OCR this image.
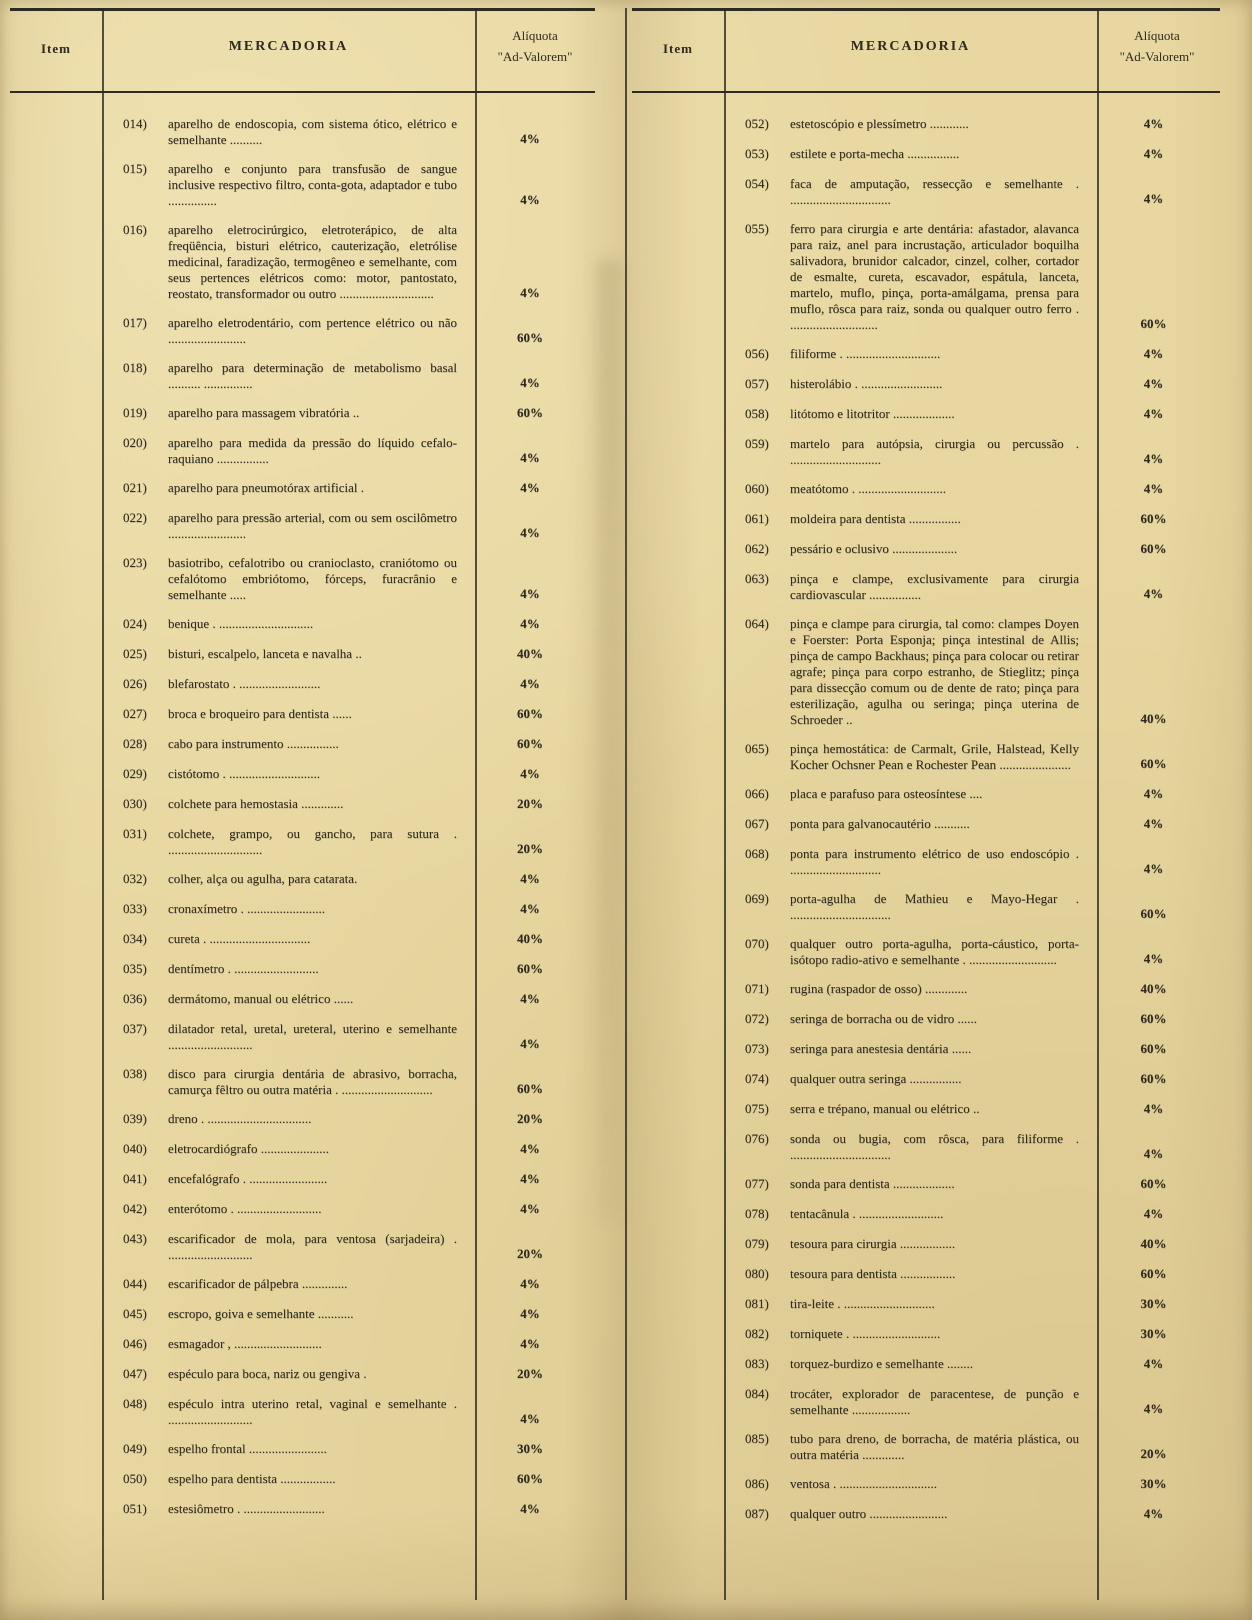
Item	MERCADORIA
Alíquota
"Ad-Valorem"
014)	aparelho de endoscopia, com sistema ótico, elétrico e semelhante ..........	4%
015)	aparelho e conjunto para transfusão de sangue inclusive respectivo filtro, conta-gota, adaptador e tubo ...............	4%
016)	aparelho eletrocirúrgico, eletroterápico, de alta freqüência, bisturi elétrico, cauterização, eletrólise medicinal, faradização, termogêneo e semelhante, com seus pertences elétricos como: motor, pantostato, reostato, transformador ou outro .............................	4%
017)	aparelho eletrodentário, com pertence elétrico ou não ........................	60%
018)	aparelho para determinação de metabolismo basal .......... ...............	4%
019)	aparelho para massagem vibratória ..	60%
020)	aparelho para medida da pressão do líquido cefalo-raquiano ................	4%
021)	aparelho para pneumotórax artificial .	4%
022)	aparelho para pressão arterial, com ou sem oscilômetro ........................	4%
023)	basiotribo, cefalotribo ou cranioclasto, craniótomo ou cefalótomo embriótomo, fórceps, furacrânio e semelhante .....	4%
024)	benique . .............................	4%
025)	bisturi, escalpelo, lanceta e navalha ..	40%
026)	blefarostato . .........................	4%
027)	broca e broqueiro para dentista ......	60%
028)	cabo para instrumento ................	60%
029)	cistótomo . ............................	4%
030)	colchete para hemostasia .............	20%
031)	colchete, grampo, ou gancho, para sutura . .............................	20%
032)	colher, alça ou agulha, para catarata.	4%
033)	cronaxímetro . ........................	4%
034)	cureta . ...............................	40%
035)	dentímetro . ..........................	60%
036)	dermátomo, manual ou elétrico ......	4%
037)	dilatador retal, uretal, ureteral, uterino e semelhante ..........................	4%
038)	disco para cirurgia dentária de abrasivo, borracha, camurça fêltro ou outra matéria . ............................	60%
039)	dreno . ................................	20%
040)	eletrocardiógrafo .....................	4%
041)	encefalógrafo . ........................	4%
042)	enterótomo . ..........................	4%
043)	escarificador de mola, para ventosa (sarjadeira) . ..........................	20%
044)	escarificador de pálpebra ..............	4%
045)	escropo, goiva e semelhante ...........	4%
046)	esmagador , ...........................	4%
047)	espéculo para boca, nariz ou gengiva .	20%
048)	espéculo intra uterino retal, vaginal e semelhante . ..........................	4%
049)	espelho frontal ........................	30%
050)	espelho para dentista .................	60%
051)	estesiômetro . .........................	4%
Item	MERCADORIA
Alíquota
"Ad-Valorem"
052)	estetoscópio e plessímetro ............	4%
053)	estilete e porta-mecha ................	4%
054)	faca de amputação, ressecção e semelhante . ...............................	4%
055)	ferro para cirurgia e arte dentária: afastador, alavanca para raiz, anel para incrustação, articulador boquilha salivadora, brunidor calcador, cinzel, colher, cortador de esmalte, cureta, escavador, espátula, lanceta, martelo, muflo, pinça, porta-amálgama, prensa para muflo, rôsca para raiz, sonda ou qualquer outro ferro . ...........................	60%
056)	filiforme . .............................	4%
057)	histerolábio . .........................	4%
058)	litótomo e litotritor ...................	4%
059)	martelo para autópsia, cirurgia ou percussão . ............................	4%
060)	meatótomo . ...........................	4%
061)	moldeira para dentista ................	60%
062)	pessário e oclusivo ....................	60%
063)	pinça e clampe, exclusivamente para cirurgia cardiovascular ................	4%
064)	pinça e clampe para cirurgia, tal como: clampes Doyen e Foerster: Porta Esponja; pinça intestinal de Allis; pinça de campo Backhaus; pinça para colocar ou retirar agrafe; pinça para corpo estranho, de Stieglitz; pinça para dissecção comum ou de dente de rato; pinça para esterilização, agulha ou seringa; pinça uterina de Schroeder ..	40%
065)	pinça hemostática: de Carmalt, Grile, Halstead, Kelly Kocher Ochsner Pean e Rochester Pean ......................	60%
066)	placa e parafuso para osteosíntese ....	4%
067)	ponta para galvanocautério ...........	4%
068)	ponta para instrumento elétrico de uso endoscópio . ............................	4%
069)	porta-agulha de Mathieu e Mayo-Hegar . ...............................	60%
070)	qualquer outro porta-agulha, porta-cáustico, porta-isótopo radio-ativo e semelhante . ...........................	4%
071)	rugina (raspador de osso) .............	40%
072)	seringa de borracha ou de vidro ......	60%
073)	seringa para anestesia dentária ......	60%
074)	qualquer outra seringa ................	60%
075)	serra e trépano, manual ou elétrico ..	4%
076)	sonda ou bugia, com rôsca, para filiforme . ...............................	4%
077)	sonda para dentista ...................	60%
078)	tentacânula . ..........................	4%
079)	tesoura para cirurgia .................	40%
080)	tesoura para dentista .................	60%
081)	tira-leite . ............................	30%
082)	torniquete . ...........................	30%
083)	torquez-burdizo e semelhante ........	4%
084)	trocáter, explorador de paracentese, de punção e semelhante ..................	4%
085)	tubo para dreno, de borracha, de matéria plástica, ou outra matéria .............	20%
086)	ventosa . ..............................	30%
087)	qualquer outro ........................	4%
